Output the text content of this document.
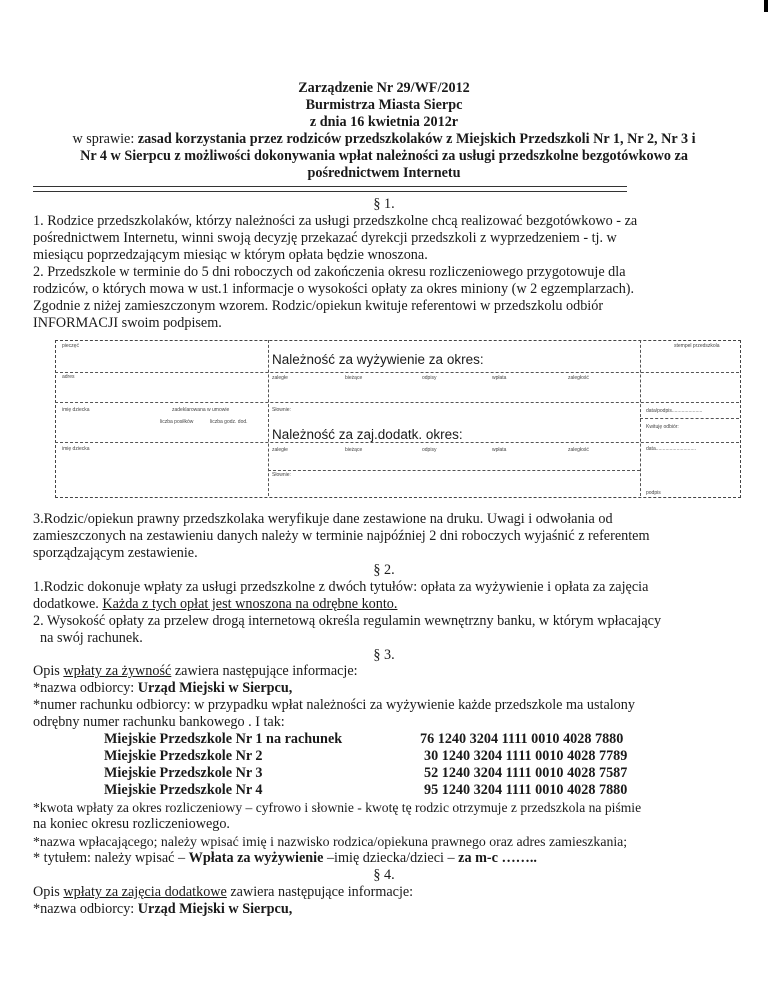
Zarządzenie Nr 29/WF/2012
Burmistrza Miasta Sierpc
z dnia 16 kwietnia 2012r
w sprawie: zasad korzystania przez rodziców przedszkolaków z Miejskich Przedszkoli Nr 1, Nr 2, Nr 3 i
Nr 4 w Sierpcu z możliwości dokonywania wpłat należności za usługi przedszkolne bezgotówkowo za
pośrednictwem Internetu
§ 1.
1. Rodzice przedszkolaków, którzy należności za usługi przedszkolne chcą realizować bezgotówkowo - za
pośrednictwem Internetu, winni swoją decyzję przekazać dyrekcji przedszkoli z wyprzedzeniem - tj. w
miesiącu poprzedzającym miesiąc w którym opłata będzie wnoszona.
2. Przedszkole w terminie do 5 dni roboczych od zakończenia okresu rozliczeniowego przygotowuje dla
rodziców, o których mowa w ust.1 informacje o wysokości opłaty za okres miniony (w 2 egzemplarzach).
Zgodnie z niżej zamieszczonym wzorem. Rodzic/opiekun kwituje referentowi w przedszkolu odbiór
INFORMACJI swoim podpisem.
pieczęć
adres
imię dziecka
imię dziecka
zadeklarowana w umowie
liczba posiłków	liczba godz. dod.
Należność za wyżywienie za okres:
zaległe	bieżące	odpisy	wpłata	zaległość
Słownie:
Należność za zaj.dodatk. okres:
zaległe	bieżące	odpisy	wpłata	zaległość
Słownie:
stempel przedszkola
data/podpis......................
Kwituję odbiór:
data.............................
podpis
3.Rodzic/opiekun prawny przedszkolaka weryfikuje dane zestawione na druku. Uwagi i odwołania od
zamieszczonych na zestawieniu danych należy w terminie najpóźniej 2 dni roboczych wyjaśnić z referentem
sporządzającym zestawienie.
§ 2.
1.Rodzic dokonuje wpłaty za usługi przedszkolne z dwóch tytułów: opłata za wyżywienie i opłata za zajęcia
dodatkowe. Każda z tych opłat jest wnoszona na odrębne konto.
2. Wysokość opłaty za przelew drogą internetową określa regulamin wewnętrzny banku, w którym wpłacający
na swój rachunek.
§ 3.
Opis wpłaty za żywność zawiera następujące informacje:
*nazwa odbiorcy: Urząd Miejski w Sierpcu,
*numer rachunku odbiorcy: w przypadku wpłat należności za wyżywienie każde przedszkole ma ustalony
odrębny numer rachunku bankowego . I tak:
Miejskie Przedszkole Nr 1 na rachunek	76 1240 3204 1111 0010 4028 7880
Miejskie Przedszkole Nr 2	30 1240 3204 1111 0010 4028 7789
Miejskie Przedszkole Nr 3	52 1240 3204 1111 0010 4028 7587
Miejskie Przedszkole Nr 4	95 1240 3204 1111 0010 4028 7880
*kwota wpłaty za okres rozliczeniowy – cyfrowo i słownie - kwotę tę rodzic otrzymuje z przedszkola na piśmie
na koniec okresu rozliczeniowego.
*nazwa wpłacającego; należy wpisać imię i nazwisko rodzica/opiekuna prawnego oraz adres zamieszkania;
* tytułem: należy wpisać – Wpłata za wyżywienie –imię dziecka/dzieci – za m-c ……..
§ 4.
Opis wpłaty za zajęcia dodatkowe zawiera następujące informacje:
*nazwa odbiorcy: Urząd Miejski w Sierpcu,
